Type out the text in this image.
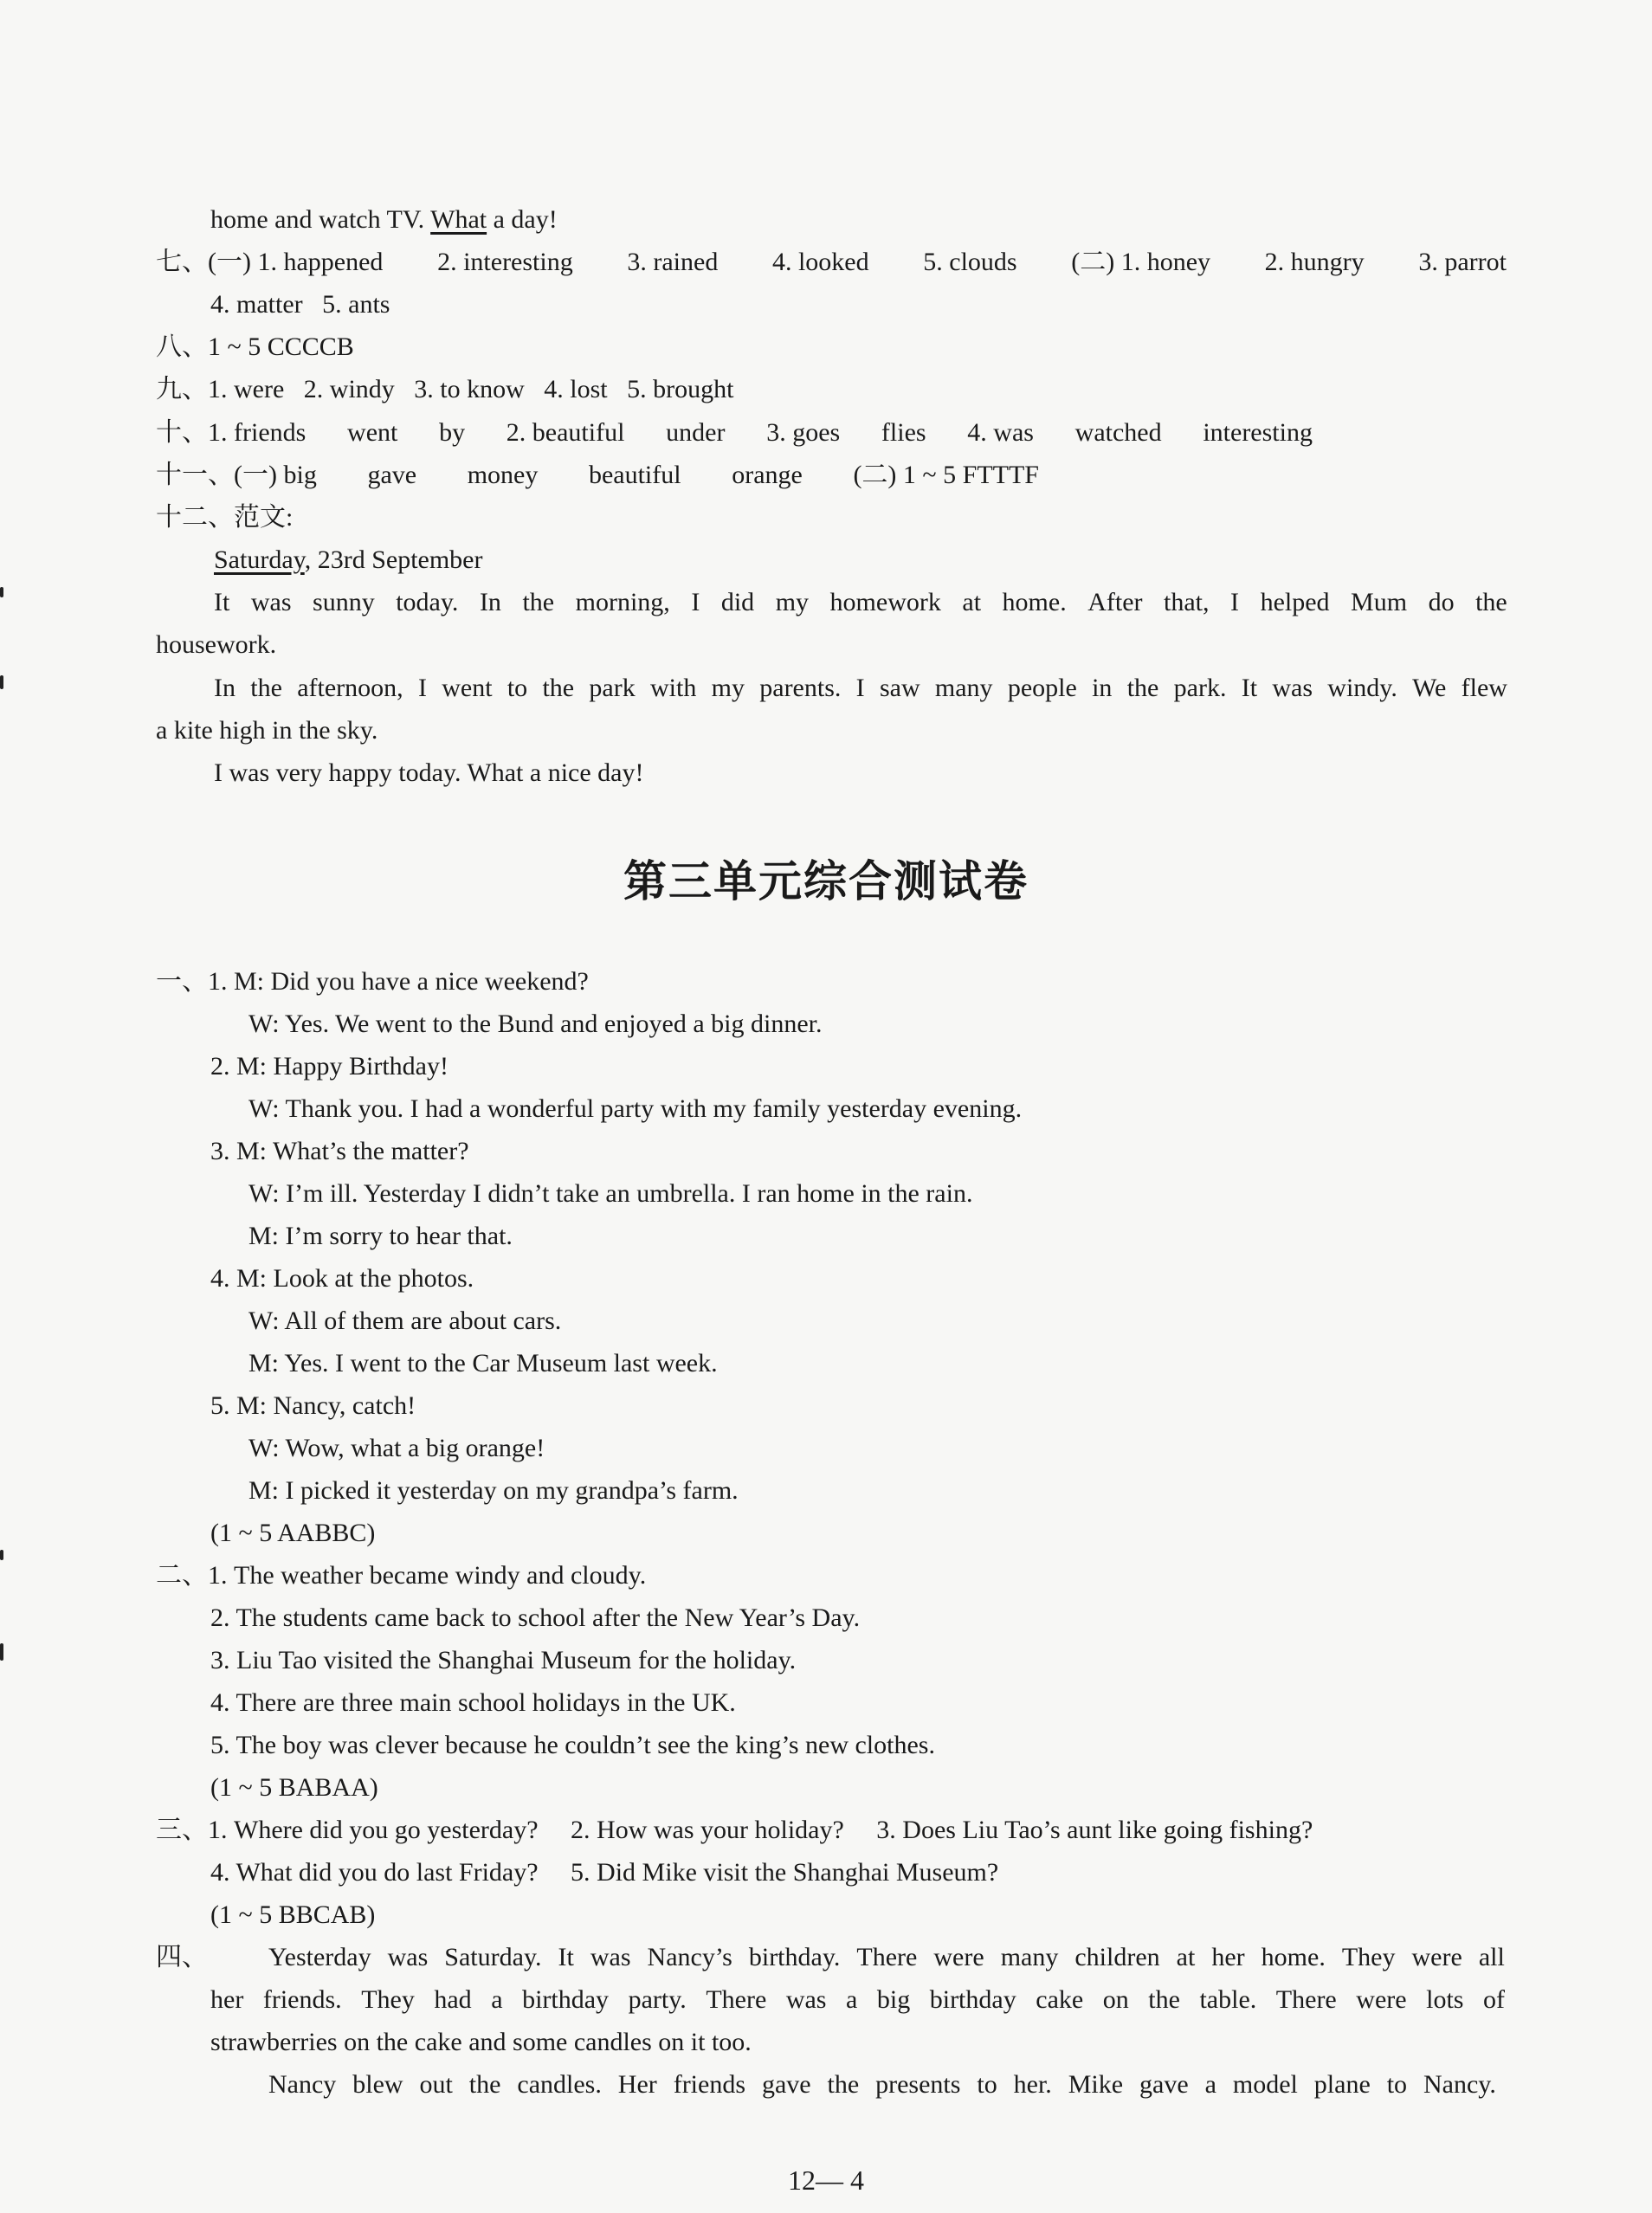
home and watch TV. What a day!
七、(一) 1. happened 2. interesting 3. rained 4. looked 5. clouds (二) 1. honey 2. hungry 3. parrot
4. matter   5. ants
八、1 ~ 5 CCCCB
九、1. were   2. windy   3. to know   4. lost   5. brought
十、1. friends went by 2. beautiful under 3. goes flies 4. was watched interesting
十一、(一) big gave money beautiful orange (二) 1 ~ 5 FTTTF
十二、范文:
Saturday, 23rd September
It was sunny today. In the morning, I did my homework at home. After that, I helped Mum do the
housework.
In the afternoon, I went to the park with my parents. I saw many people in the park. It was windy. We flew
a kite high in the sky.
I was very happy today. What a nice day!
第三单元综合测试卷
一、1. M: Did you have a nice weekend?
W: Yes. We went to the Bund and enjoyed a big dinner.
2. M: Happy Birthday!
W: Thank you. I had a wonderful party with my family yesterday evening.
3. M: What’s the matter?
W: I’m ill. Yesterday I didn’t take an umbrella. I ran home in the rain.
M: I’m sorry to hear that.
4. M: Look at the photos.
W: All of them are about cars.
M: Yes. I went to the Car Museum last week.
5. M: Nancy, catch!
W: Wow, what a big orange!
M: I picked it yesterday on my grandpa’s farm.
(1 ~ 5 AABBC)
二、1. The weather became windy and cloudy.
2. The students came back to school after the New Year’s Day.
3. Liu Tao visited the Shanghai Museum for the holiday.
4. There are three main school holidays in the UK.
5. The boy was clever because he couldn’t see the king’s new clothes.
(1 ~ 5 BABAA)
三、1. Where did you go yesterday?     2. How was your holiday?     3. Does Liu Tao’s aunt like going fishing?
4. What did you do last Friday?     5. Did Mike visit the Shanghai Museum?
(1 ~ 5 BBCAB)
四、 Yesterday was Saturday. It was Nancy’s birthday. There were many children at her home. They were all
her friends. They had a birthday party. There was a big birthday cake on the table. There were lots of
strawberries on the cake and some candles on it too.
Nancy blew out the candles. Her friends gave the presents to her. Mike gave a model plane to Nancy.
12— 4
